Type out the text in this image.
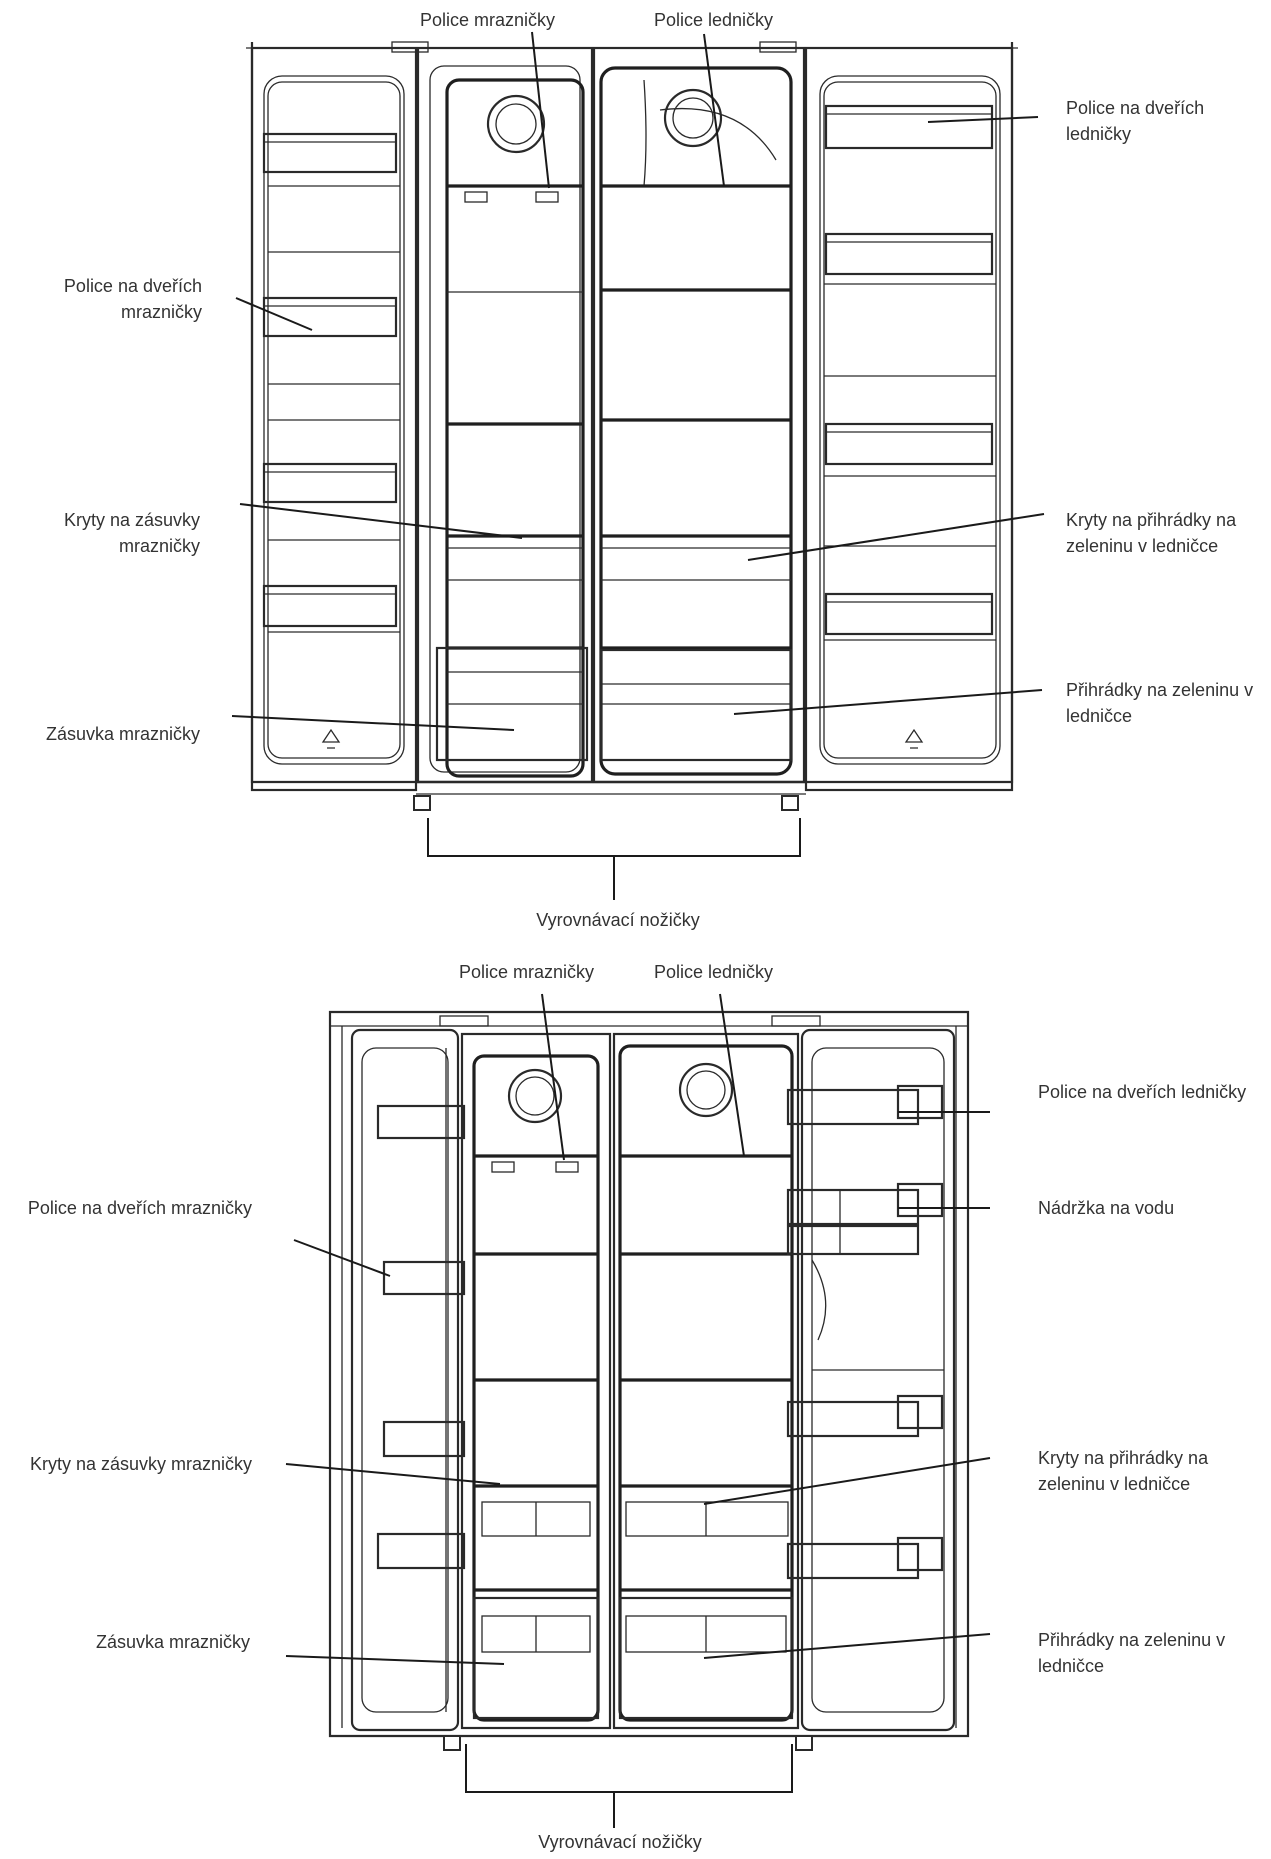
Police mrazničky	Police ledničky
Police na dveřích
ledničky
Police na dveřích
mrazničky
Kryty na zásuvky
mrazničky
Kryty na přihrádky na
zeleninu v ledničce
Zásuvka mrazničky
Přihrádky na zeleninu v
ledničce
Vyrovnávací nožičky
Police mrazničky	Police ledničky
Police na dveřích ledničky
Nádržka na vodu
Police na dveřích mrazničky
Kryty na zásuvky mrazničky	Kryty na přihrádky na
zeleninu v ledničce
Zásuvka mrazničky	Přihrádky na zeleninu v
ledničce
Vyrovnávací nožičky
